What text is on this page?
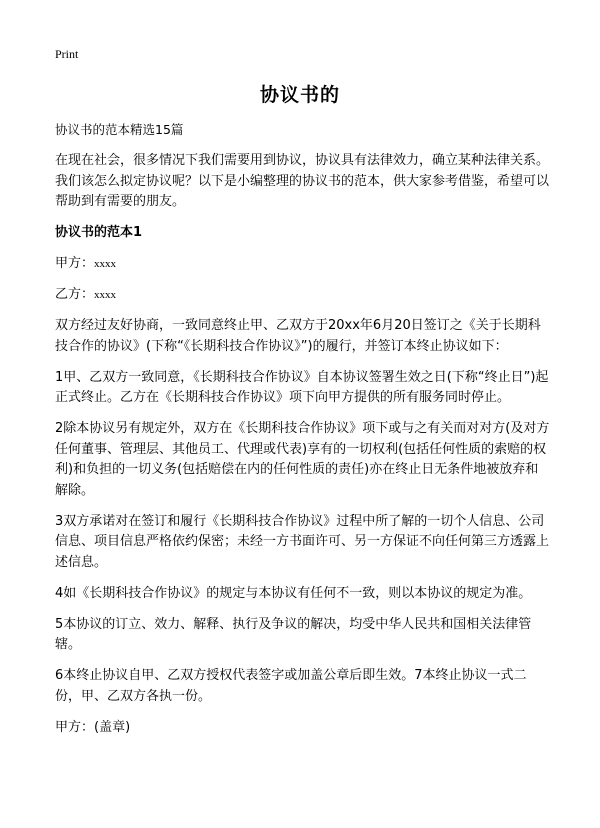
Print
协议书的

协议书的范本精选15篇

在现在社会，很多情况下我们需要用到协议，协议具有法律效力，确立某种法律关系。我们该怎么拟定协议呢？以下是小编整理的协议书的范本，供大家参考借鉴，希望可以帮助到有需要的朋友。

协议书的范本1

甲方：xxxx

乙方：xxxx

双方经过友好协商，一致同意终止甲、乙双方于20xx年6月20日签订之《关于长期科技合作的协议》(下称“《长期科技合作协议》”)的履行，并签订本终止协议如下：

1甲、乙双方一致同意，《长期科技合作协议》自本协议签署生效之日(下称“终止日”)起正式终止。乙方在《长期科技合作协议》项下向甲方提供的所有服务同时停止。

2除本协议另有规定外，双方在《长期科技合作协议》项下或与之有关而对对方(及对方任何董事、管理层、其他员工、代理或代表)享有的一切权利(包括任何性质的索赔的权利)和负担的一切义务(包括赔偿在内的任何性质的责任)亦在终止日无条件地被放弃和解除。

3双方承诺对在签订和履行《长期科技合作协议》过程中所了解的一切个人信息、公司信息、项目信息严格依约保密；未经一方书面许可、另一方保证不向任何第三方透露上述信息。

4如《长期科技合作协议》的规定与本协议有任何不一致，则以本协议的规定为准。

5本协议的订立、效力、解释、执行及争议的解决，均受中华人民共和国相关法律管辖。

6本终止协议自甲、乙双方授权代表签字或加盖公章后即生效。7本终止协议一式二份，甲、乙双方各执一份。

甲方：(盖章)
